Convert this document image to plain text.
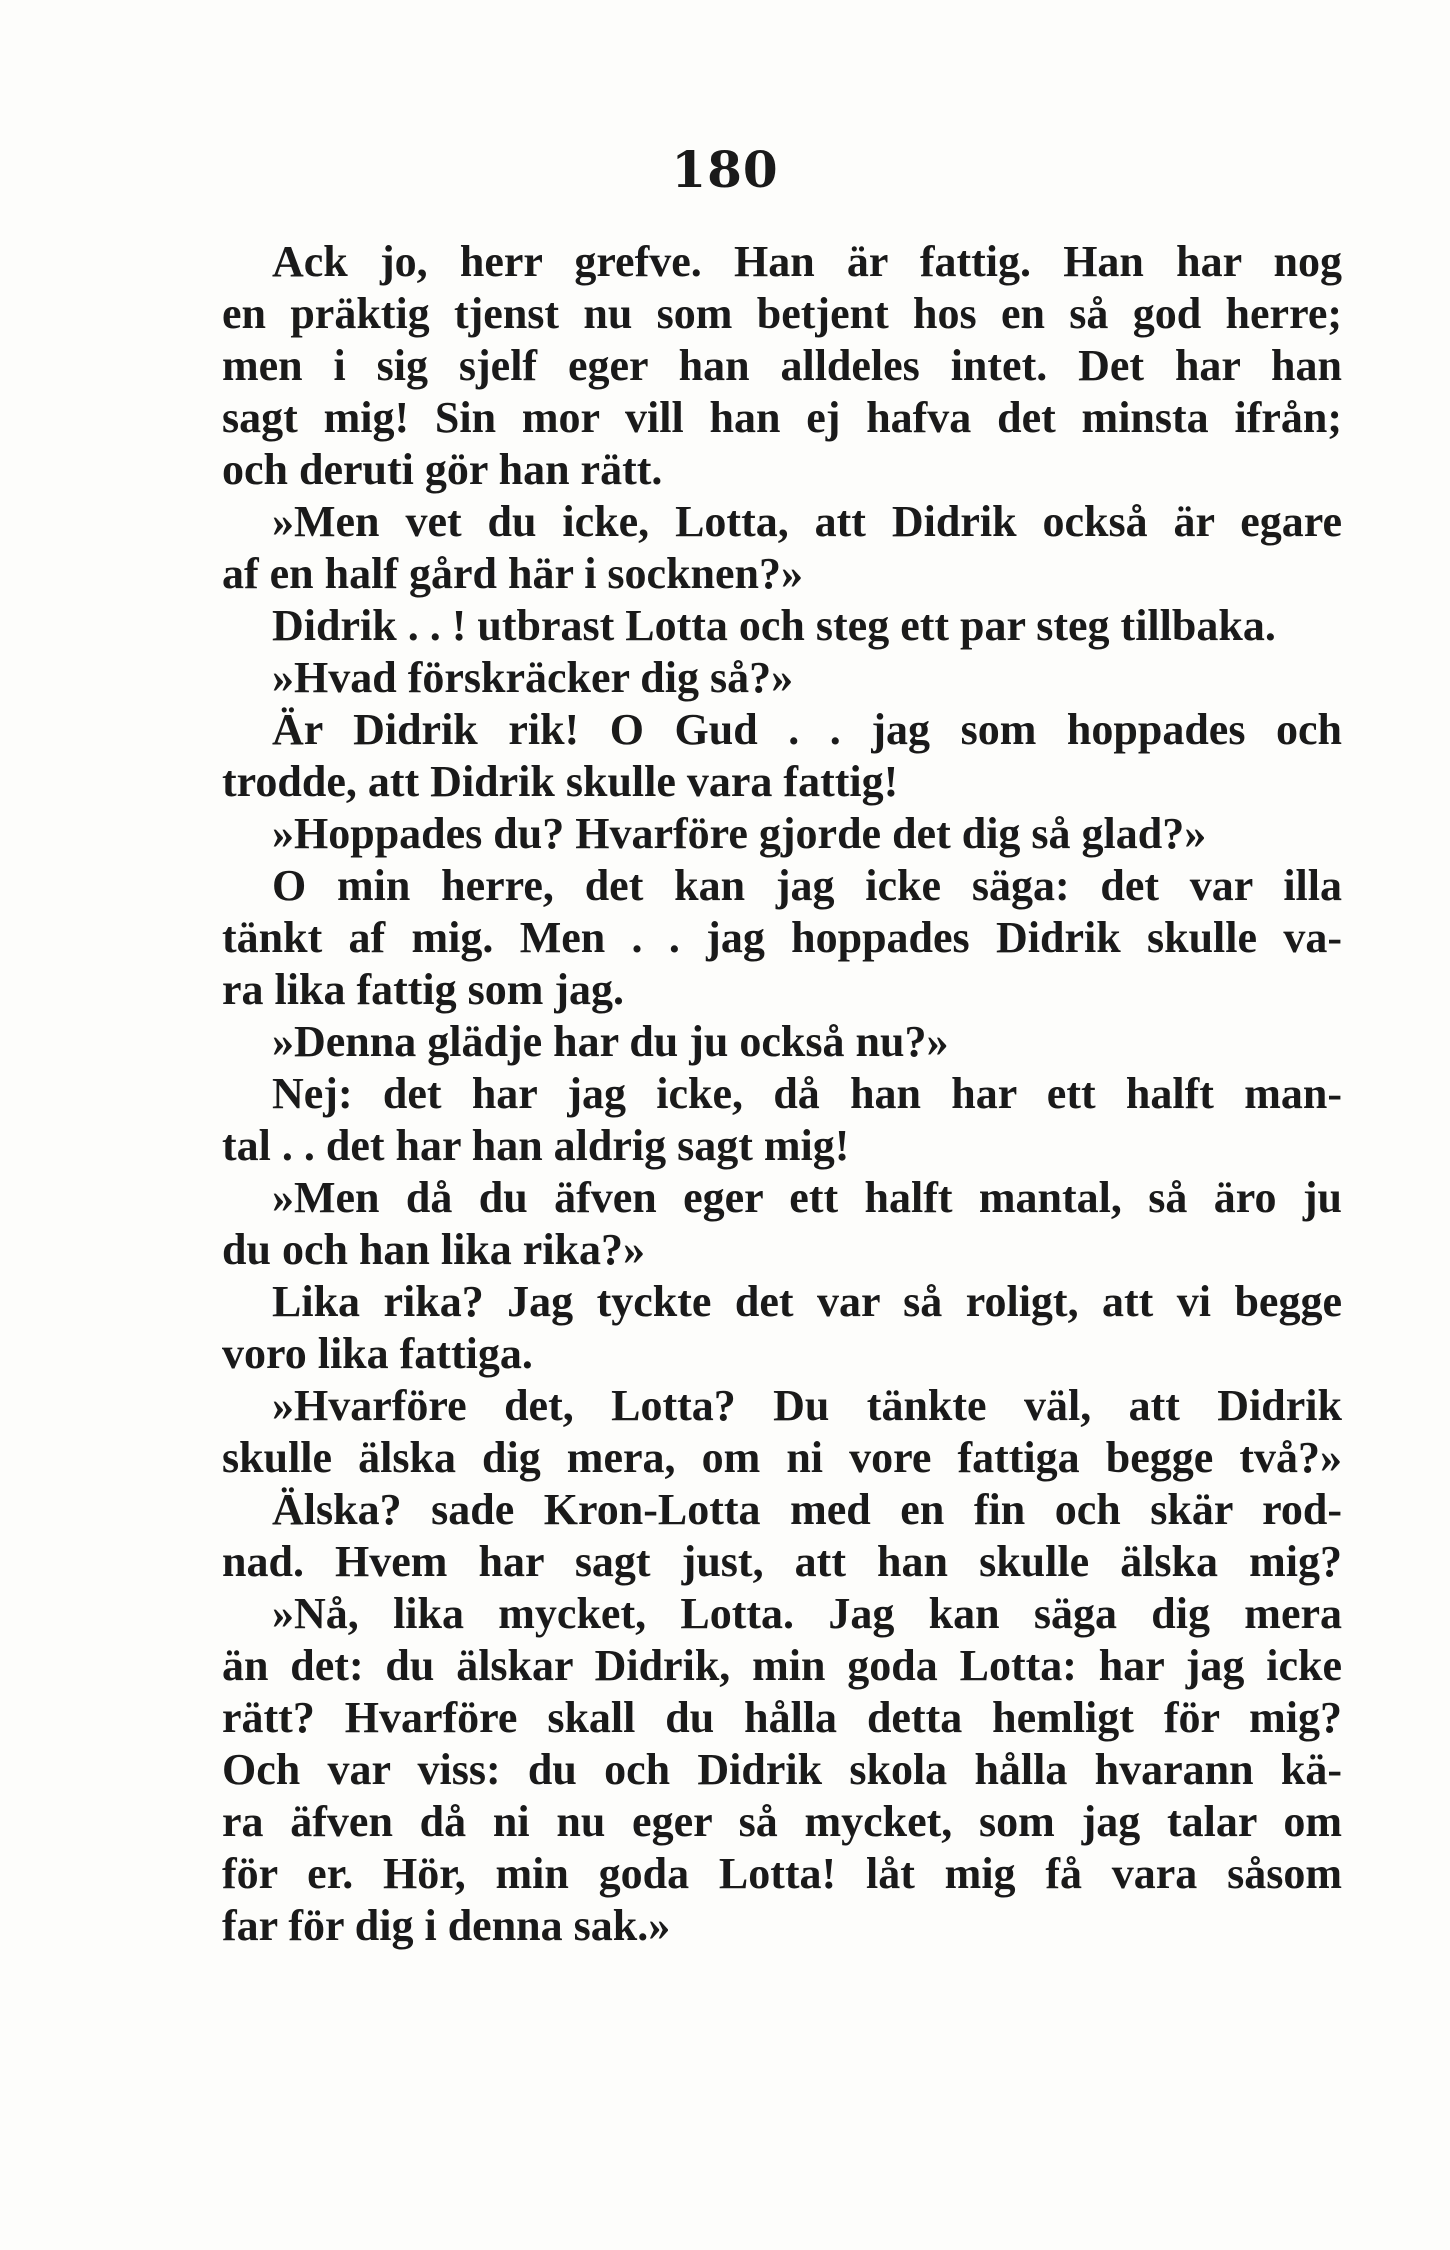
180
Ack jo, herr grefve. Han är fattig. Han har nog
en präktig tjenst nu som betjent hos en så god herre;
men i sig sjelf eger han alldeles intet. Det har han
sagt mig! Sin mor vill han ej hafva det minsta ifrån;
och deruti gör han rätt.
»Men vet du icke, Lotta, att Didrik också är egare
af en half gård här i socknen?»
Didrik . . ! utbrast Lotta och steg ett par steg tillbaka.
»Hvad förskräcker dig så?»
Är Didrik rik! O Gud . . jag som hoppades och
trodde, att Didrik skulle vara fattig!
»Hoppades du? Hvarföre gjorde det dig så glad?»
O min herre, det kan jag icke säga: det var illa
tänkt af mig. Men . . jag hoppades Didrik skulle va-
ra lika fattig som jag.
»Denna glädje har du ju också nu?»
Nej: det har jag icke, då han har ett halft man-
tal . . det har han aldrig sagt mig!
»Men då du äfven eger ett halft mantal, så äro ju
du och han lika rika?»
Lika rika? Jag tyckte det var så roligt, att vi begge
voro lika fattiga.
»Hvarföre det, Lotta? Du tänkte väl, att Didrik
skulle älska dig mera, om ni vore fattiga begge två?»
Älska? sade Kron-Lotta med en fin och skär rod-
nad. Hvem har sagt just, att han skulle älska mig?
»Nå, lika mycket, Lotta. Jag kan säga dig mera
än det: du älskar Didrik, min goda Lotta: har jag icke
rätt? Hvarföre skall du hålla detta hemligt för mig?
Och var viss: du och Didrik skola hålla hvarann kä-
ra äfven då ni nu eger så mycket, som jag talar om
för er. Hör, min goda Lotta! låt mig få vara såsom
far för dig i denna sak.»
